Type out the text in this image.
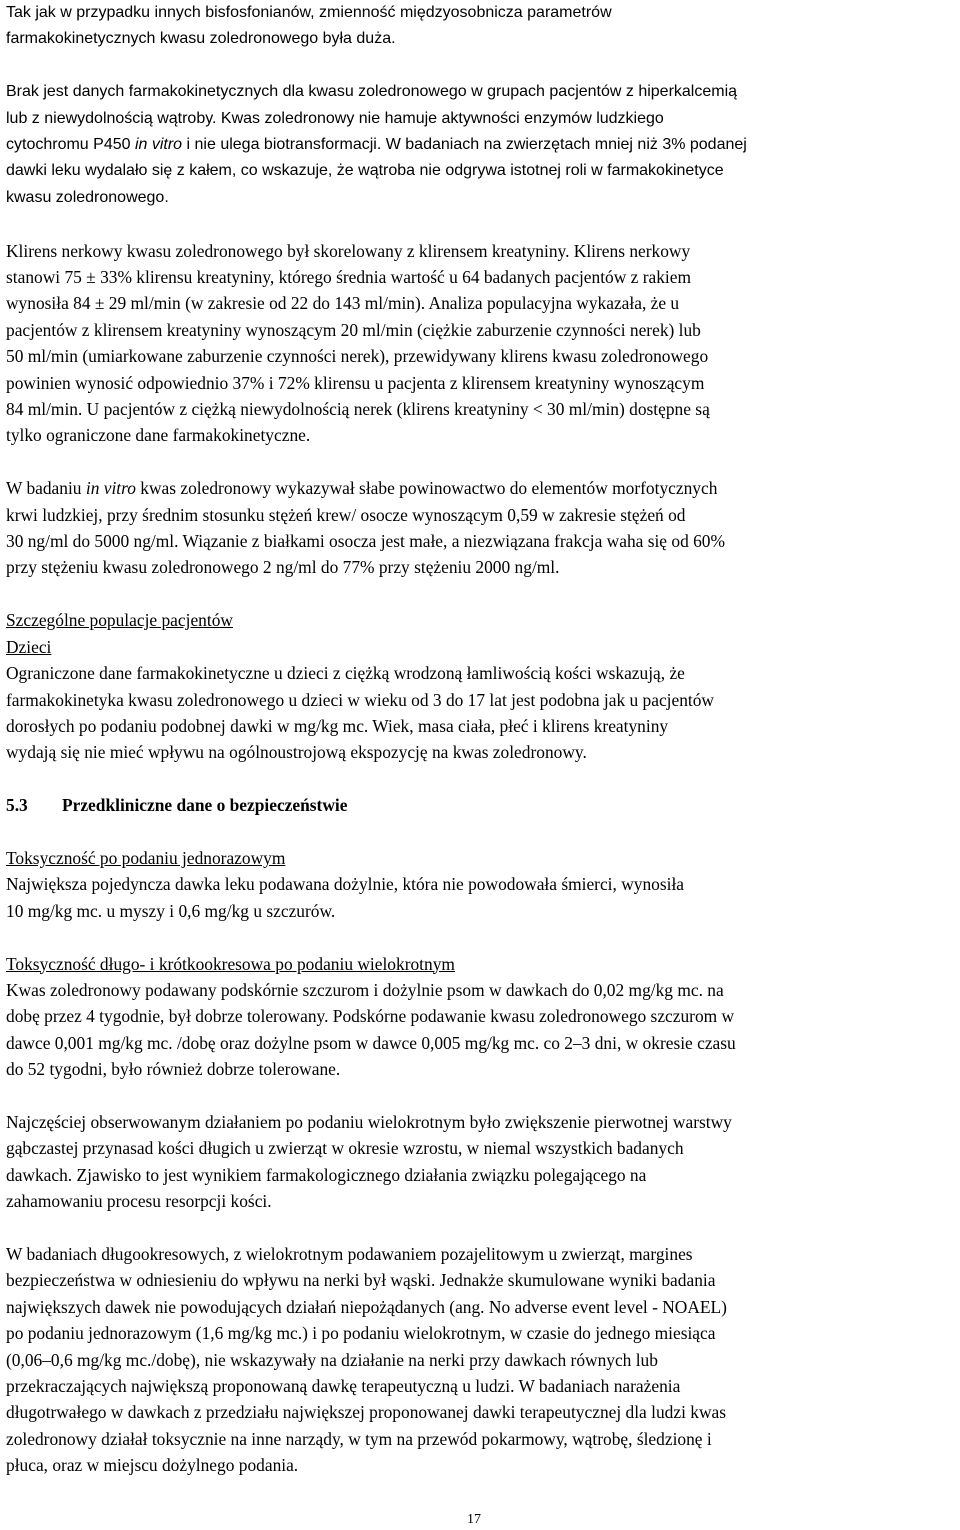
Tak jak w przypadku innych bisfosfonianów, zmienność międzyosobnicza parametrów
farmakokinetycznych kwasu zoledronowego była duża.
Brak jest danych farmakokinetycznych dla kwasu zoledronowego w grupach pacjentów z hiperkalcemią
lub z niewydolnością wątroby. Kwas zoledronowy nie hamuje aktywności enzymów ludzkiego
cytochromu P450 in vitro i nie ulega biotransformacji. W badaniach na zwierzętach mniej niż 3% podanej
dawki leku wydalało się z kałem, co wskazuje, że wątroba nie odgrywa istotnej roli w farmakokinetyce
kwasu zoledronowego.
Klirens nerkowy kwasu zoledronowego był skorelowany z klirensem kreatyniny. Klirens nerkowy
stanowi 75 ± 33% klirensu kreatyniny, którego średnia wartość u 64 badanych pacjentów z rakiem
wynosiła 84 ± 29 ml/min (w zakresie od 22 do 143 ml/min). Analiza populacyjna wykazała, że u
pacjentów z klirensem kreatyniny wynoszącym 20 ml/min (ciężkie zaburzenie czynności nerek) lub
50 ml/min (umiarkowane zaburzenie czynności nerek), przewidywany klirens kwasu zoledronowego
powinien wynosić odpowiednio 37% i 72% klirensu u pacjenta z klirensem kreatyniny wynoszącym
84 ml/min. U pacjentów z ciężką niewydolnością nerek (klirens kreatyniny < 30 ml/min) dostępne są
tylko ograniczone dane farmakokinetyczne.
W badaniu in vitro kwas zoledronowy wykazywał słabe powinowactwo do elementów morfotycznych
krwi ludzkiej, przy średnim stosunku stężeń krew/ osocze wynoszącym 0,59 w zakresie stężeń od
30 ng/ml do 5000 ng/ml. Wiązanie z białkami osocza jest małe, a niezwiązana frakcja waha się od 60%
przy stężeniu kwasu zoledronowego 2 ng/ml do 77% przy stężeniu 2000 ng/ml.
Szczególne populacje pacjentów
Dzieci
Ograniczone dane farmakokinetyczne u dzieci z ciężką wrodzoną łamliwością kości wskazują, że
farmakokinetyka kwasu zoledronowego u dzieci w wieku od 3 do 17 lat jest podobna jak u pacjentów
dorosłych po podaniu podobnej dawki w mg/kg mc. Wiek, masa ciała, płeć i klirens kreatyniny
wydają się nie mieć wpływu na ogólnoustrojową ekspozycję na kwas zoledronowy.
5.3 Przedkliniczne dane o bezpieczeństwie
Toksyczność po podaniu jednorazowym
Największa pojedyncza dawka leku podawana dożylnie, która nie powodowała śmierci, wynosiła
10 mg/kg mc. u myszy i 0,6 mg/kg u szczurów.
Toksyczność długo- i krótkookresowa po podaniu wielokrotnym
Kwas zoledronowy podawany podskórnie szczurom i dożylnie psom w dawkach do 0,02 mg/kg mc. na
dobę przez 4 tygodnie, był dobrze tolerowany. Podskórne podawanie kwasu zoledronowego szczurom w
dawce 0,001 mg/kg mc. /dobę oraz dożylne psom w dawce 0,005 mg/kg mc. co 2–3 dni, w okresie czasu
do 52 tygodni, było również dobrze tolerowane.
Najczęściej obserwowanym działaniem po podaniu wielokrotnym było zwiększenie pierwotnej warstwy
gąbczastej przynasad kości długich u zwierząt w okresie wzrostu, w niemal wszystkich badanych
dawkach. Zjawisko to jest wynikiem farmakologicznego działania związku polegającego na
zahamowaniu procesu resorpcji kości.
W badaniach długookresowych, z wielokrotnym podawaniem pozajelitowym u zwierząt, margines
bezpieczeństwa w odniesieniu do wpływu na nerki był wąski. Jednakże skumulowane wyniki badania
największych dawek nie powodujących działań niepożądanych (ang. No adverse event level - NOAEL)
po podaniu jednorazowym (1,6 mg/kg mc.) i po podaniu wielokrotnym, w czasie do jednego miesiąca
(0,06–0,6 mg/kg mc./dobę), nie wskazywały na działanie na nerki przy dawkach równych lub
przekraczających największą proponowaną dawkę terapeutyczną u ludzi. W badaniach narażenia
długotrwałego w dawkach z przedziału największej proponowanej dawki terapeutycznej dla ludzi kwas
zoledronowy działał toksycznie na inne narządy, w tym na przewód pokarmowy, wątrobę, śledzionę i
płuca, oraz w miejscu dożylnego podania.
17
